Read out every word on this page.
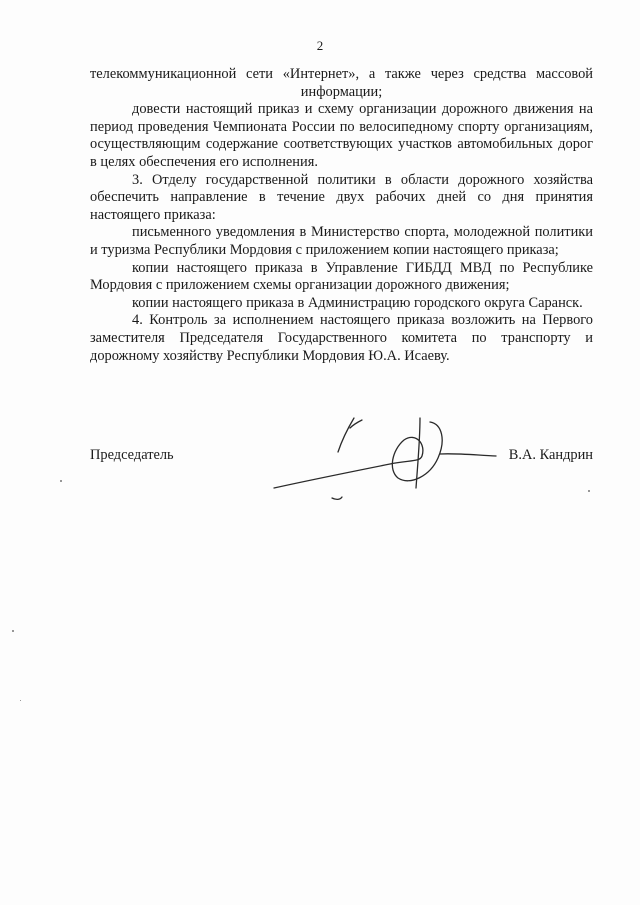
2

телекоммуникационной сети «Интернет», а также через средства массовой

информации;

довести настоящий приказ и схему организации дорожного движения на период проведения Чемпионата России по велосипедному спорту организациям, осуществляющим содержание соответствующих участков автомобильных дорог в целях обеспечения его исполнения.

3. Отделу государственной политики в области дорожного хозяйства обеспечить направление в течение двух рабочих дней со дня принятия настоящего приказа:

письменного уведомления в Министерство спорта, молодежной политики и туризма Республики Мордовия с приложением копии настоящего приказа;

копии настоящего приказа в Управление ГИБДД МВД по Республике Мордовия с приложением схемы организации дорожного движения;

копии настоящего приказа в Администрацию городского округа Саранск.

4. Контроль за исполнением настоящего приказа возложить на Первого заместителя Председателя Государственного комитета по транспорту и дорожному хозяйству Республики Мордовия Ю.А. Исаеву.

Председатель	В.А. Кандрин
